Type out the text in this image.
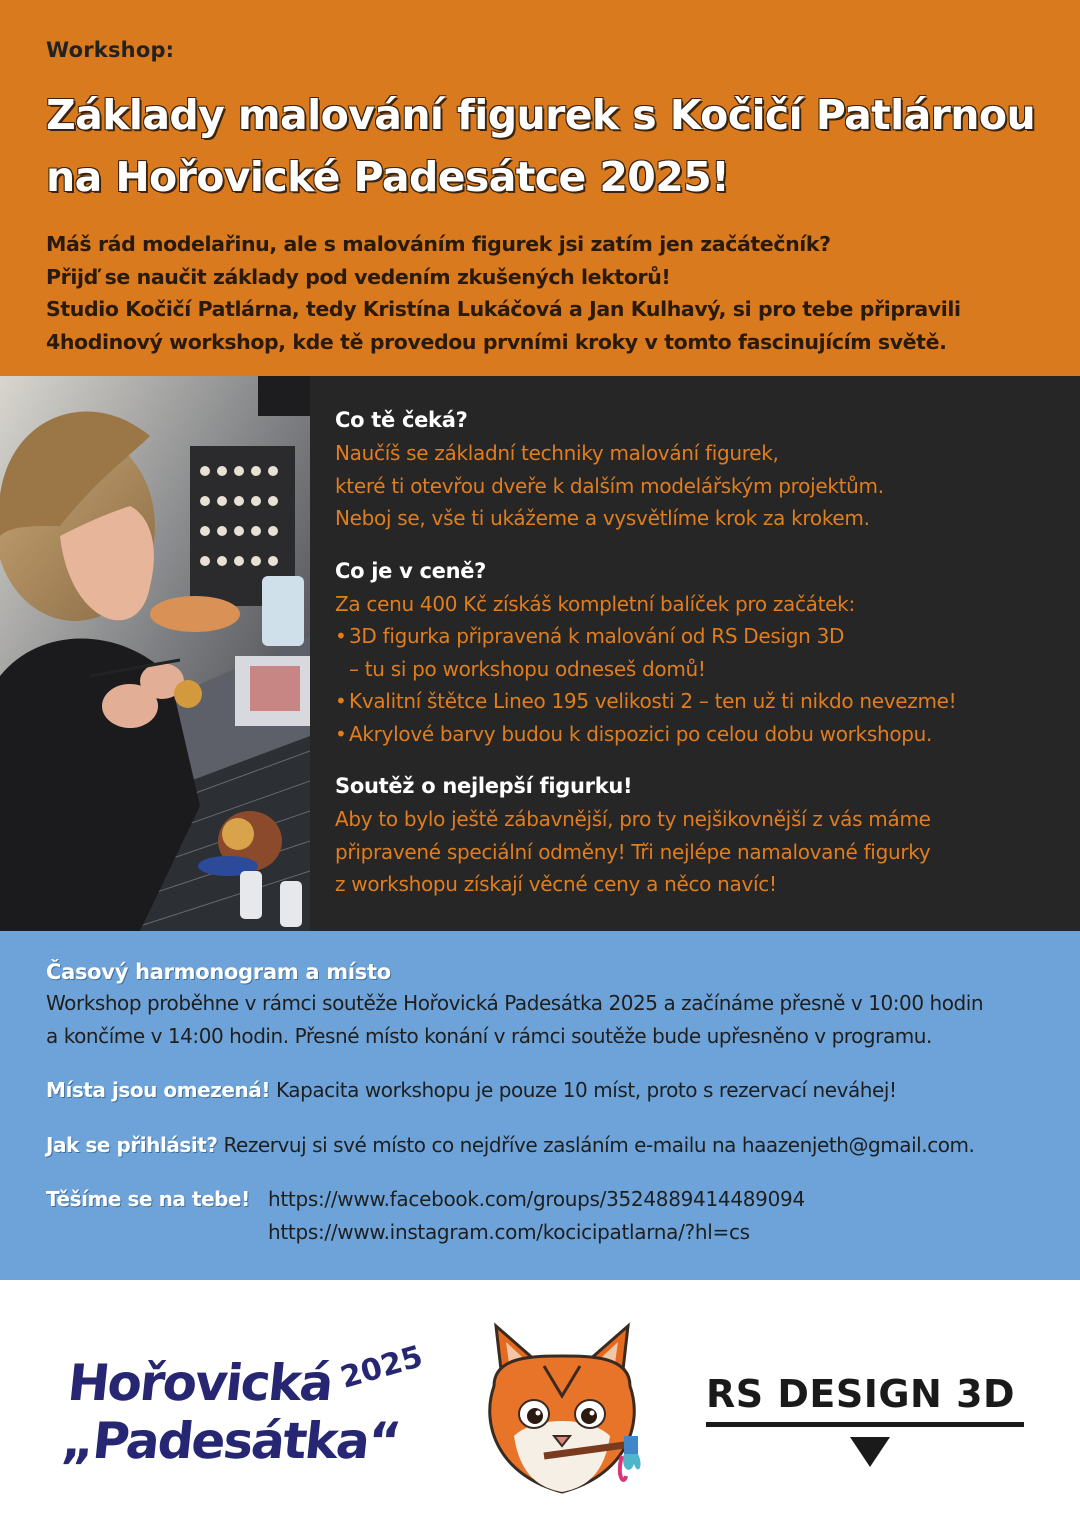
Workshop:
Základy malování figurek s Kočičí Patlárnou
na Hořovické Padesátce 2025!

Máš rád modelařinu, ale s malováním figurek jsi zatím jen začátečník?

Přijď se naučit základy pod vedením zkušených lektorů!

Studio Kočičí Patlárna, tedy Kristína Lukáčová a Jan Kulhavý, si pro tebe připravili

4hodinový workshop, kde tě provedou prvními kroky v tomto fascinujícím světě.

Co tě čeká?

Naučíš se základní techniky malování figurek,

které ti otevřou dveře k dalším modelářským projektům.

Neboj se, vše ti ukážeme a vysvětlíme krok za krokem.

Co je v ceně?

Za cenu 400 Kč získáš kompletní balíček pro začátek:

• 3D figurka připravená k malování od RS Design 3D
– tu si po workshopu odneseš domů!
• Kvalitní štětce Lineo 195 velikosti 2 – ten už ti nikdo nevezme!
• Akrylové barvy budou k dispozici po celou dobu workshopu.
Soutěž o nejlepší figurku!

Aby to bylo ještě zábavnější, pro ty nejšikovnější z vás máme

připravené speciální odměny! Tři nejlépe namalované figurky

z workshopu získají věcné ceny a něco navíc!

Časový harmonogram a místo

Workshop proběhne v rámci soutěže Hořovická Padesátka 2025 a začínáme přesně v 10:00 hodin

a končíme v 14:00 hodin. Přesné místo konání v rámci soutěže bude upřesněno v programu.

Místa jsou omezená! Kapacita workshopu je pouze 10 míst, proto s rezervací neváhej!

Jak se přihlásit? Rezervuj si své místo co nejdříve zasláním e-mailu na haazenjeth@gmail.com.

Těšíme se na tebe! https://www.facebook.com/groups/3524889414489094
https://www.instagram.com/kocicipatlarna/?hl=cs
Hořovická
„Padesátka“
2025	RS DESIGN 3D
